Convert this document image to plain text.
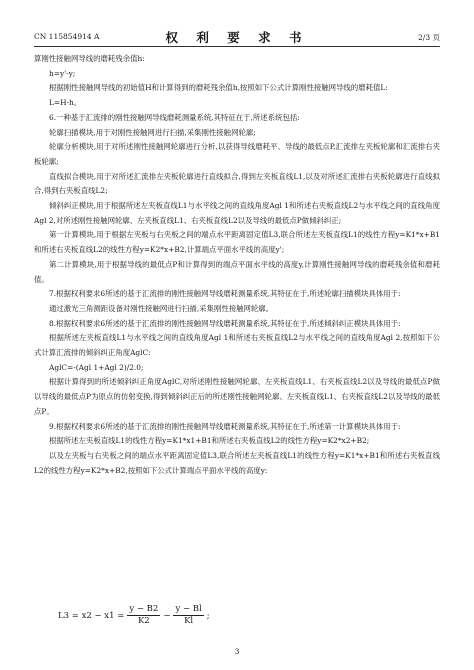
CN 115854914 A	权 利 要 求 书	2/3 页

算刚性接触网导线的磨耗残余值h:

h=y'-y;

根据刚性接触网导线的初始值H和计算得到的磨耗残余值h,按照如下公式计算刚性接触网导线的磨耗值L:

L=H-h。

6.一种基于汇流排的刚性接触网导线磨耗测量系统,其特征在于,所述系统包括:

轮廓扫描模块,用于对刚性接触网进行扫描,采集刚性接触网轮廓;

轮廓分析模块,用于对所述刚性接触网轮廓进行分析,以获得导线磨耗平、导线的最低点P,汇流排左夹板轮廓和汇流排右夹板轮廓;

直线拟合模块,用于对所述汇流排左夹板轮廓进行直线拟合,得到左夹板直线L1,以及对所述汇流排右夹板轮廓进行直线拟合,得到右夹板直线L2;

倾斜纠正模块,用于根据所述左夹板直线L1与水平线之间的直线角度Agl 1和所述右夹板直线L2与水平线之间的直线角度Agl 2,对所述刚性接触网轮廓、左夹板直线L1、右夹板直线L2以及导线的最低点P做倾斜纠正;

第一计算模块,用于根据左夹板与右夹板之间的端点水平距离固定值L3,联合所述左夹板直线L1的线性方程y=K1*x+B1和所述右夹板直线L2的线性方程y=K2*x+B2,计算端点平面水平线的高度y';

第二计算模块,用于根据导线的最低点P和计算得到的端点平面水平线的高度y,计算刚性接触网导线的磨耗残余值和磨耗值。

7.根据权利要求6所述的基于汇流排的刚性接触网导线磨耗测量系统,其特征在于,所述轮廓扫描模块具体用于:

通过激光三角测距设备对刚性接触网进行扫描,采集刚性接触网轮廓。

8.根据权利要求6所述的基于汇流排的刚性接触网导线磨耗测量系统,其特征在于,所述倾斜纠正模块具体用于:

根据所述左夹板直线L1与水平线之间的直线角度Agl 1和所述右夹板直线L2与水平线之间的直线角度Agl 2,按照如下公式计算汇流排的倾斜纠正角度AglC:

AglC=-(Agl 1+Agl 2)/2.0;

根据计算得到的所述倾斜纠正角度AglC,对所述刚性接触网轮廓、左夹板直线L1、右夹板直线L2以及导线的最低点P做以导线的最低点P为原点的仿射变换,得到倾斜纠正后的所述刚性接触网轮廓、左夹板直线L1、右夹板直线L2以及导线的最低点P。

9.根据权利要求6所述的基于汇流排的刚性接触网导线磨耗测量系统,其特征在于,所述第一计算模块具体用于:

根据所述左夹板直线L1的线性方程y=K1*x1+B1和所述右夹板直线L2的线性方程y=K2*x2+B2;

以及左夹板与右夹板之间的端点水平距离固定值L3,联合所述左夹板直线L1的线性方程y=K1*x+B1和所述右夹板直线L2的线性方程y=K2*x+B2,按照如下公式计算端点平面水平线的高度y:

$L3 = x2 - x1 = \frac{y - B2}{K2} - \frac{y - Bl}{Kl}$ ;
3
